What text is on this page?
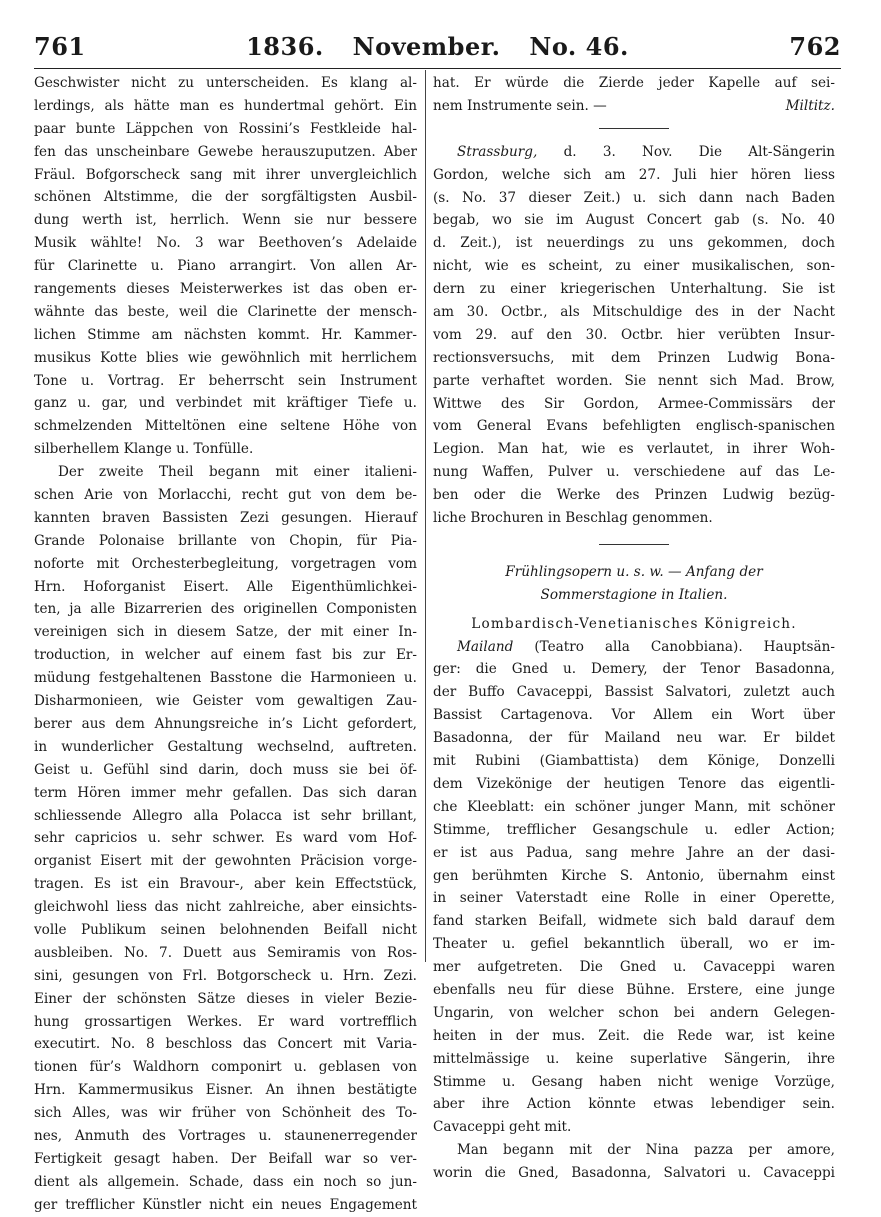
761	1836. November. No. 46.	762
Geschwister nicht zu unterscheiden. Es klang al-
lerdings, als hätte man es hundertmal gehört. Ein
paar bunte Läppchen von Rossini’s Festkleide hal-
fen das unscheinbare Gewebe herauszuputzen. Aber
Fräul. Bofgorscheck sang mit ihrer unvergleichlich
schönen Altstimme, die der sorgfältigsten Ausbil-
dung werth ist, herrlich. Wenn sie nur bessere
Musik wählte! No. 3 war Beethoven’s Adelaide
für Clarinette u. Piano arrangirt. Von allen Ar-
rangements dieses Meisterwerkes ist das oben er-
wähnte das beste, weil die Clarinette der mensch-
lichen Stimme am nächsten kommt. Hr. Kammer-
musikus Kotte blies wie gewöhnlich mit herrlichem
Tone u. Vortrag. Er beherrscht sein Instrument
ganz u. gar, und verbindet mit kräftiger Tiefe u.
schmelzenden Mitteltönen eine seltene Höhe von
silberhellem Klange u. Tonfülle.
Der zweite Theil begann mit einer italieni-
schen Arie von Morlacchi, recht gut von dem be-
kannten braven Bassisten Zezi gesungen. Hierauf
Grande Polonaise brillante von Chopin, für Pia-
noforte mit Orchesterbegleitung, vorgetragen vom
Hrn. Hoforganist Eisert. Alle Eigenthümlichkei-
ten, ja alle Bizarrerien des originellen Componisten
vereinigen sich in diesem Satze, der mit einer In-
troduction, in welcher auf einem fast bis zur Er-
müdung festgehaltenen Basstone die Harmonieen u.
Disharmonieen, wie Geister vom gewaltigen Zau-
berer aus dem Ahnungsreiche in’s Licht gefordert,
in wunderlicher Gestaltung wechselnd, auftreten.
Geist u. Gefühl sind darin, doch muss sie bei öf-
term Hören immer mehr gefallen. Das sich daran
schliessende Allegro alla Polacca ist sehr brillant,
sehr capricios u. sehr schwer. Es ward vom Hof-
organist Eisert mit der gewohnten Präcision vorge-
tragen. Es ist ein Bravour-, aber kein Effectstück,
gleichwohl liess das nicht zahlreiche, aber einsichts-
volle Publikum seinen belohnenden Beifall nicht
ausbleiben. No. 7. Duett aus Semiramis von Ros-
sini, gesungen von Frl. Botgorscheck u. Hrn. Zezi.
Einer der schönsten Sätze dieses in vieler Bezie-
hung grossartigen Werkes. Er ward vortrefflich
executirt. No. 8 beschloss das Concert mit Varia-
tionen für’s Waldhorn componirt u. geblasen von
Hrn. Kammermusikus Eisner. An ihnen bestätigte
sich Alles, was wir früher von Schönheit des To-
nes, Anmuth des Vortrages u. staunenerregender
Fertigkeit gesagt haben. Der Beifall war so ver-
dient als allgemein. Schade, dass ein noch so jun-
ger trefflicher Künstler nicht ein neues Engagement
hat. Er würde die Zierde jeder Kapelle auf sei-
nem Instrumente sein. —	Miltitz.
Strassburg, d. 3. Nov. Die Alt-Sängerin
Gordon, welche sich am 27. Juli hier hören liess
(s. No. 37 dieser Zeit.) u. sich dann nach Baden
begab, wo sie im August Concert gab (s. No. 40
d. Zeit.), ist neuerdings zu uns gekommen, doch
nicht, wie es scheint, zu einer musikalischen, son-
dern zu einer kriegerischen Unterhaltung. Sie ist
am 30. Octbr., als Mitschuldige des in der Nacht
vom 29. auf den 30. Octbr. hier verübten Insur-
rectionsversuchs, mit dem Prinzen Ludwig Bona-
parte verhaftet worden. Sie nennt sich Mad. Brow,
Wittwe des Sir Gordon, Armee-Commissärs der
vom General Evans befehligten englisch-spanischen
Legion. Man hat, wie es verlautet, in ihrer Woh-
nung Waffen, Pulver u. verschiedene auf das Le-
ben oder die Werke des Prinzen Ludwig bezüg-
liche Brochuren in Beschlag genommen.
Frühlingsopern u. s. w. — Anfang der
Sommerstagione in Italien.
Lombardisch-Venetianisches Königreich.
Mailand (Teatro alla Canobbiana). Hauptsän-
ger: die Gned u. Demery, der Tenor Basadonna,
der Buffo Cavaceppi, Bassist Salvatori, zuletzt auch
Bassist Cartagenova. Vor Allem ein Wort über
Basadonna, der für Mailand neu war. Er bildet
mit Rubini (Giambattista) dem Könige, Donzelli
dem Vizekönige der heutigen Tenore das eigentli-
che Kleeblatt: ein schöner junger Mann, mit schöner
Stimme, trefflicher Gesangschule u. edler Action;
er ist aus Padua, sang mehre Jahre an der dasi-
gen berühmten Kirche S. Antonio, übernahm einst
in seiner Vaterstadt eine Rolle in einer Operette,
fand starken Beifall, widmete sich bald darauf dem
Theater u. gefiel bekanntlich überall, wo er im-
mer aufgetreten. Die Gned u. Cavaceppi waren
ebenfalls neu für diese Bühne. Erstere, eine junge
Ungarin, von welcher schon bei andern Gelegen-
heiten in der mus. Zeit. die Rede war, ist keine
mittelmässige u. keine superlative Sängerin, ihre
Stimme u. Gesang haben nicht wenige Vorzüge,
aber ihre Action könnte etwas lebendiger sein.
Cavaceppi geht mit.
Man begann mit der Nina pazza per amore,
worin die Gned, Basadonna, Salvatori u. Cavaceppi
